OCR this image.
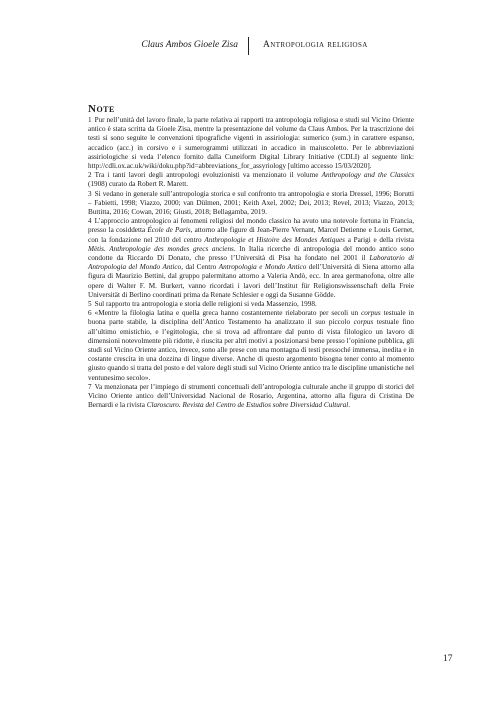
Claus Ambos Gioele Zisa	Antropologia religiosa
Note

1 Pur nell’unità del lavoro finale, la parte relativa ai rapporti tra antropologia religiosa e studi sul Vicino Oriente antico è stata scritta da Gioele Zisa, mentre la presentazione del volume da Claus Ambos. Per la trascrizione dei testi si sono seguite le convenzioni tipografiche vigenti in assiriologia: sumerico (sum.) in carattere espanso, accadico (acc.) in corsivo e i sumerogrammi utilizzati in accadico in maiuscoletto. Per le abbreviazioni assiriologiche si veda l’elenco fornito dalla Cuneiform Digital Library Initiative (CDLI) al seguente link: http://cdli.ox.ac.uk/wiki/doku.php?id=abbreviations_for_assyriology [ultimo accesso 15/03/2020].

2 Tra i tanti lavori degli antropologi evoluzionisti va menzionato il volume Anthropology and the Classics (1908) curato da Robert R. Marett.

3 Si vedano in generale sull’antropologia storica e sul confronto tra antropologia e storia Dressel, 1996; Borutti – Fabietti, 1998; Viazzo, 2000; van Dülmen, 2001; Keith Axel, 2002; Dei, 2013; Revel, 2013; Viazzo, 2013; Buttitta, 2016; Cowan, 2016; Giusti, 2018; Bellagamba, 2019.

4 L’approccio antropologico ai fenomeni religiosi del mondo classico ha avuto una notevole fortuna in Francia, presso la cosiddetta École de Paris, attorno alle figure di Jean-Pierre Vernant, Marcel Detienne e Louis Gernet, con la fondazione nel 2010 del centro Anthropologie et Histoire des Mondes Antiques a Parigi e della rivista Mètis. Anthropologie des mondes grecs anciens. In Italia ricerche di antropologia del mondo antico sono condotte da Riccardo Di Donato, che presso l’Università di Pisa ha fondato nel 2001 il Laboratorio di Antropologia del Mondo Antico, dal Centro Antropologia e Mondo Antico dell’Università di Siena attorno alla figura di Maurizio Bettini, dal gruppo palermitano attorno a Valeria Andò, ecc. In area germanofona, oltre alle opere di Walter F. M. Burkert, vanno ricordati i lavori dell’Institut für Religionswissenschaft della Freie Universität di Berlino coordinati prima da Renate Schlesier e oggi da Susanne Gödde.

5 Sul rapporto tra antropologia e storia delle religioni si veda Massenzio, 1998.

6 «Mentre la filologia latina e quella greca hanno costantemente rielaborato per secoli un corpus testuale in buona parte stabile, la disciplina dell’Antico Testamento ha analizzato il suo piccolo corpus testuale fino all’ultimo emistichio, e l’egittologia, che si trova ad affrontare dal punto di vista filologico un lavoro di dimensioni notevolmente più ridotte, è riuscita per altri motivi a posizionarsi bene presso l’opinione pubblica, gli studi sul Vicino Oriente antico, invece, sono alle prese con una montagna di testi pressoché immensa, inedita e in costante crescita in una dozzina di lingue diverse. Anche di questo argomento bisogna tener conto al momento giusto quando si tratta del posto e del valore degli studi sul Vicino Oriente antico tra le discipline umanistiche nel ventunesimo secolo».

7 Va menzionata per l’impiego di strumenti concettuali dell’antropologia culturale anche il gruppo di storici del Vicino Oriente antico dell’Universidad Nacional de Rosario, Argentina, attorno alla figura di Cristina De Bernardi e la rivista Claroscuro. Revista del Centro de Estudios sobre Diversidad Cultural.

17
